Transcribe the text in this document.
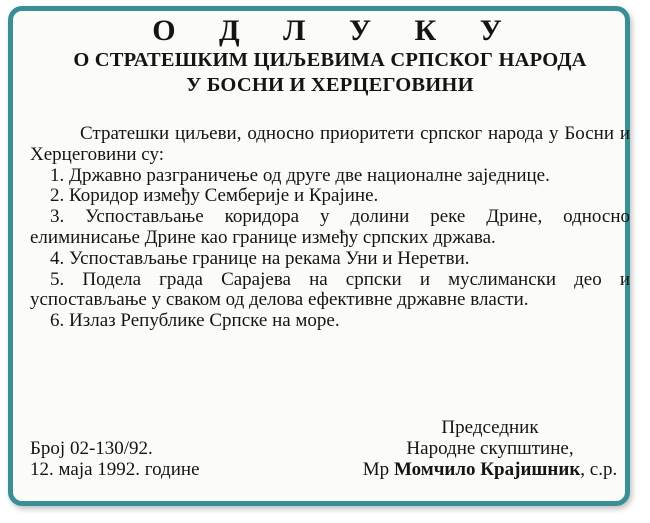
О Д Л У К У
О СТРАТЕШКИМ ЦИЉЕВИМА СРПСКОГ НАРОДА
У БОСНИ И ХЕРЦЕГОВИНИ
Стратешки циљеви, односно приоритети српског народа у Босни и Херцеговини су:
1. Државно разграничење од друге две националне заједнице.
2. Коридор између Семберије и Крајине.
3. Успостављање коридора у долини реке Дрине, односно елиминисање Дрине као границе између српских држава.
4. Успостављање границе на рекама Уни и Неретви.
5. Подела града Сарајева на српски и муслимански део и успостављање у сваком од делова ефективне државне власти.
6. Излаз Републике Српске на море.
Председник
Број 02-130/92.	Народне скупштине,
12. маја 1992. године	Мр Момчило Крајишник, с.р.
